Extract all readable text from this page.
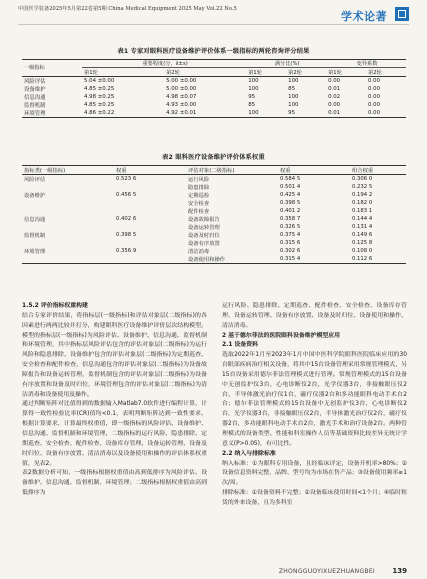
中国医学装备2025年5月第22卷第5期 China Medical Equipment 2025 May Vol.22 No.5
学术论著
表1 专家对眼科医疗设备维护评价体系一级指标的两轮咨询评分结果
一级指标	重要程度(分，x̄±s)		满分比(%)		变异系数	
	第1轮	第2轮	第1轮	第2轮	第1轮	第2轮
风险评估	5.04 ±0.00	5.00 ±0.00	100	100	0.00	0.00
设备维护	4.85 ±0.25	5.00 ±0.00	100	85	0.01	0.00
信息沟通	4.98 ±0.25	4.98 ±0.07	95	100	0.02	0.00
监督机制	4.85 ±0.25	4.93 ±0.00	85	100	0.00	0.00
环境管理	4.86 ±0.22	4.92 ±0.01	100	95	0.01	0.00
表2 眼科医疗设备维护评价体系权重
指标类(一级指标)	权重	评估对象(二级指标)	权重	组合权重
风险评估	0.523 6	运行风险	0.584 5	0.306 0
		隐患排除	0.501 4	0.232 5
设备维护	0.456 5	定期巡检	0.425 4	0.194 2
		安全检查	0.398 5	0.182 0
		配件检查	0.401 2	0.183 1
信息沟通	0.402 6	设备故障报告	0.358 7	0.144 4
		设备运转管理	0.326 5	0.131 4
监督机制	0.398 5	设备及时归位	0.375 4	0.149 6
		设备有序放置	0.315 6	0.125 8
环境管理	0.356 9	清洁消毒	0.302 6	0.108 0
		设备使用和操作	0.315 4	0.112 6

1.5.2 评价指标权重构建

结合专家评价结果，将指标层(一级指标)和评估对象层(二级指标)的各因素进行两两比较并打分，构建眼科医疗设备维护评价层次结构模型。模型的指标层(一级指标)为风险评估、设备维护、信息沟通、监督机制和环境管理，其中指标层风险评估包含的评估对象层(二级指标)为运行风险和隐患排除，设备维护包含的评估对象层(二级指标)为定期巡查、安全检查和配件检查，信息沟通包含的评估对象层(二级指标)为设备故障报告和设备运转管理，监督机制包含的评估对象层(二级指标)为设备有序放置和设备及时归位，环境管理包含的评估对象层(二级指标)为清洁消毒和设备使用及操作。

通过判断矩阵对比值得到的数据输入Matlab7.0软件进行编程计算，计算得一致性检验比率(CR)值均<0.1，表明判断矩阵达到一致性要求。根据计算要求，计算最终权重值，即一级指标的风险评估、设备维护、信息沟通、监督机制和环境管理，二级指标的运行风险、隐患排除、定期巡查、安全检查、配件检查、设备库存管理、设备运转管理、设备及时归位、设备有序放置、清洁消毒以及设备使用和操作的评估体系权重值，见表2。

表2数据分析可知，一级指标根据权重值由高到低排序为风险评估、设备维护、信息沟通、监督机制、环境管理；二级指标根据权重值由高到低排序为

运行风险、隐患排除、定期巡查、配件检查、安全检查、设备库存管理、设备运转管理、设备有序放置、设备及时归位、设备使用和操作、清洁消毒。

2 基于德尔菲法的医院眼科设备维护模型应用

2.1 设备资料

选取2022年1月至2023年1月中国中医科学院眼科医院临床应用的30台眼部疾病治疗相关设备，将其中15台设备管理采用常规管理模式，另15台设备采用德尔菲法管理模式进行管理。常规管理模式的15台设备中无创监护仪3台，心电诊断仪2台，光学仪器3台，非接触眼压仪2台，半导体激光治疗仪1台，磁疗仪器2台和多功能眼科电动手术台2台；德尔菲法管理模式的15台设备中无创监护仪3台，心电诊断仪2台，光学仪器3台，非接触眼压仪2台，半导体激光治疗仪2台，磁疗仪器2台，多功能眼科电动手术台2台，激光手术和治疗设备2台。两种管理模式的设备类型、性能和科室操作人员等基础资料比较差异无统计学意义(P>0.05)，有可比性。

2.2 纳入与排除标准

纳入标准：①为眼科专用设备，且经临床评定，设备开机率>80%；②设备信息资料完整，品牌、型号均为市场在售产品；③设备使用频率≥1次/周。

排除标准：①设备资料不完整；②设备临床使用时间<1个月；④临时租赁的外来设备，且为多科室

ZHONGGUOYIXUEZHUANGBEI 139
